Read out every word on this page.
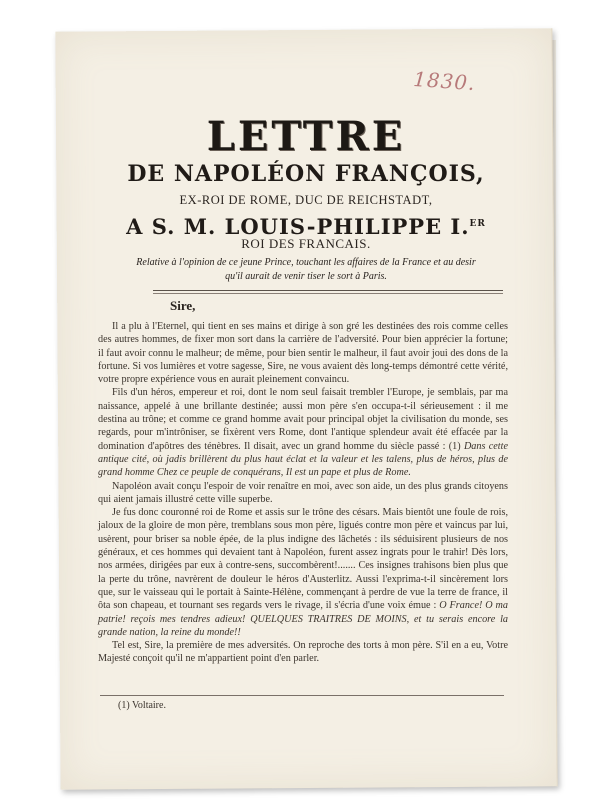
1830.
LETTRE
DE NAPOLÉON FRANÇOIS,
EX-ROI DE ROME, DUC DE REICHSTADT,
A S. M. LOUIS-PHILIPPE I.$^{ER}$
ROI DES FRANCAIS.
Relative à l'opinion de ce jeune Prince, touchant les affaires de la France et au desir qu'il aurait de venir tiser le sort à Paris.
Sire,

Il a plu à l'Eternel, qui tient en ses mains et dirige à son gré les destinées des rois comme celles des autres hommes, de fixer mon sort dans la carrière de l'adversité. Pour bien apprécier la fortune; il faut avoir connu le malheur; de même, pour bien sentir le malheur, il faut avoir joui des dons de la fortune. Si vos lumières et votre sagesse, Sire, ne vous avaient dès long-temps démontré cette vérité, votre propre expérience vous en aurait pleinement convaincu.

Fils d'un héros, empereur et roi, dont le nom seul faisait trembler l'Europe, je semblais, par ma naissance, appelé à une brillante destinée; aussi mon père s'en occupa-t-il sérieusement : il me destina au trône; et comme ce grand homme avait pour principal objet la civilisation du monde, ses regards, pour m'intrôniser, se fixèrent vers Rome, dont l'antique splendeur avait été effacée par la domination d'apôtres des ténèbres. Il disait, avec un grand homme du siècle passé : (1) Dans cette antique cité, où jadis brillèrent du plus haut éclat et la valeur et les talens, plus de héros, plus de grand homme Chez ce peuple de conquérans, Il est un pape et plus de Rome.

Napoléon avait conçu l'espoir de voir renaître en moi, avec son aide, un des plus grands citoyens qui aient jamais illustré cette ville superbe.

Je fus donc couronné roi de Rome et assis sur le trône des césars. Mais bientôt une foule de rois, jaloux de la gloire de mon père, tremblans sous mon père, ligués contre mon père et vaincus par lui, usèrent, pour briser sa noble épée, de la plus indigne des lâchetés : ils séduisirent plusieurs de nos généraux, et ces hommes qui devaient tant à Napoléon, furent assez ingrats pour le trahir! Dès lors, nos armées, dirigées par eux à contre-sens, succombèrent!....... Ces insignes trahisons bien plus que la perte du trône, navrèrent de douleur le héros d'Austerlitz. Aussi l'exprima-t-il sincèrement lors que, sur le vaisseau qui le portait à Sainte-Hélène, commençant à perdre de vue la terre de france, il ôta son chapeau, et tournant ses regards vers le rivage, il s'écria d'une voix émue : O France! O ma patrie! reçois mes tendres adieux! QUELQUES TRAITRES DE MOINS, et tu serais encore la grande nation, la reine du monde!!

Tel est, Sire, la première de mes adversités. On reproche des torts à mon père. S'il en a eu, Votre Majesté conçoit qu'il ne m'appartient point d'en parler.

(1) Voltaire.
